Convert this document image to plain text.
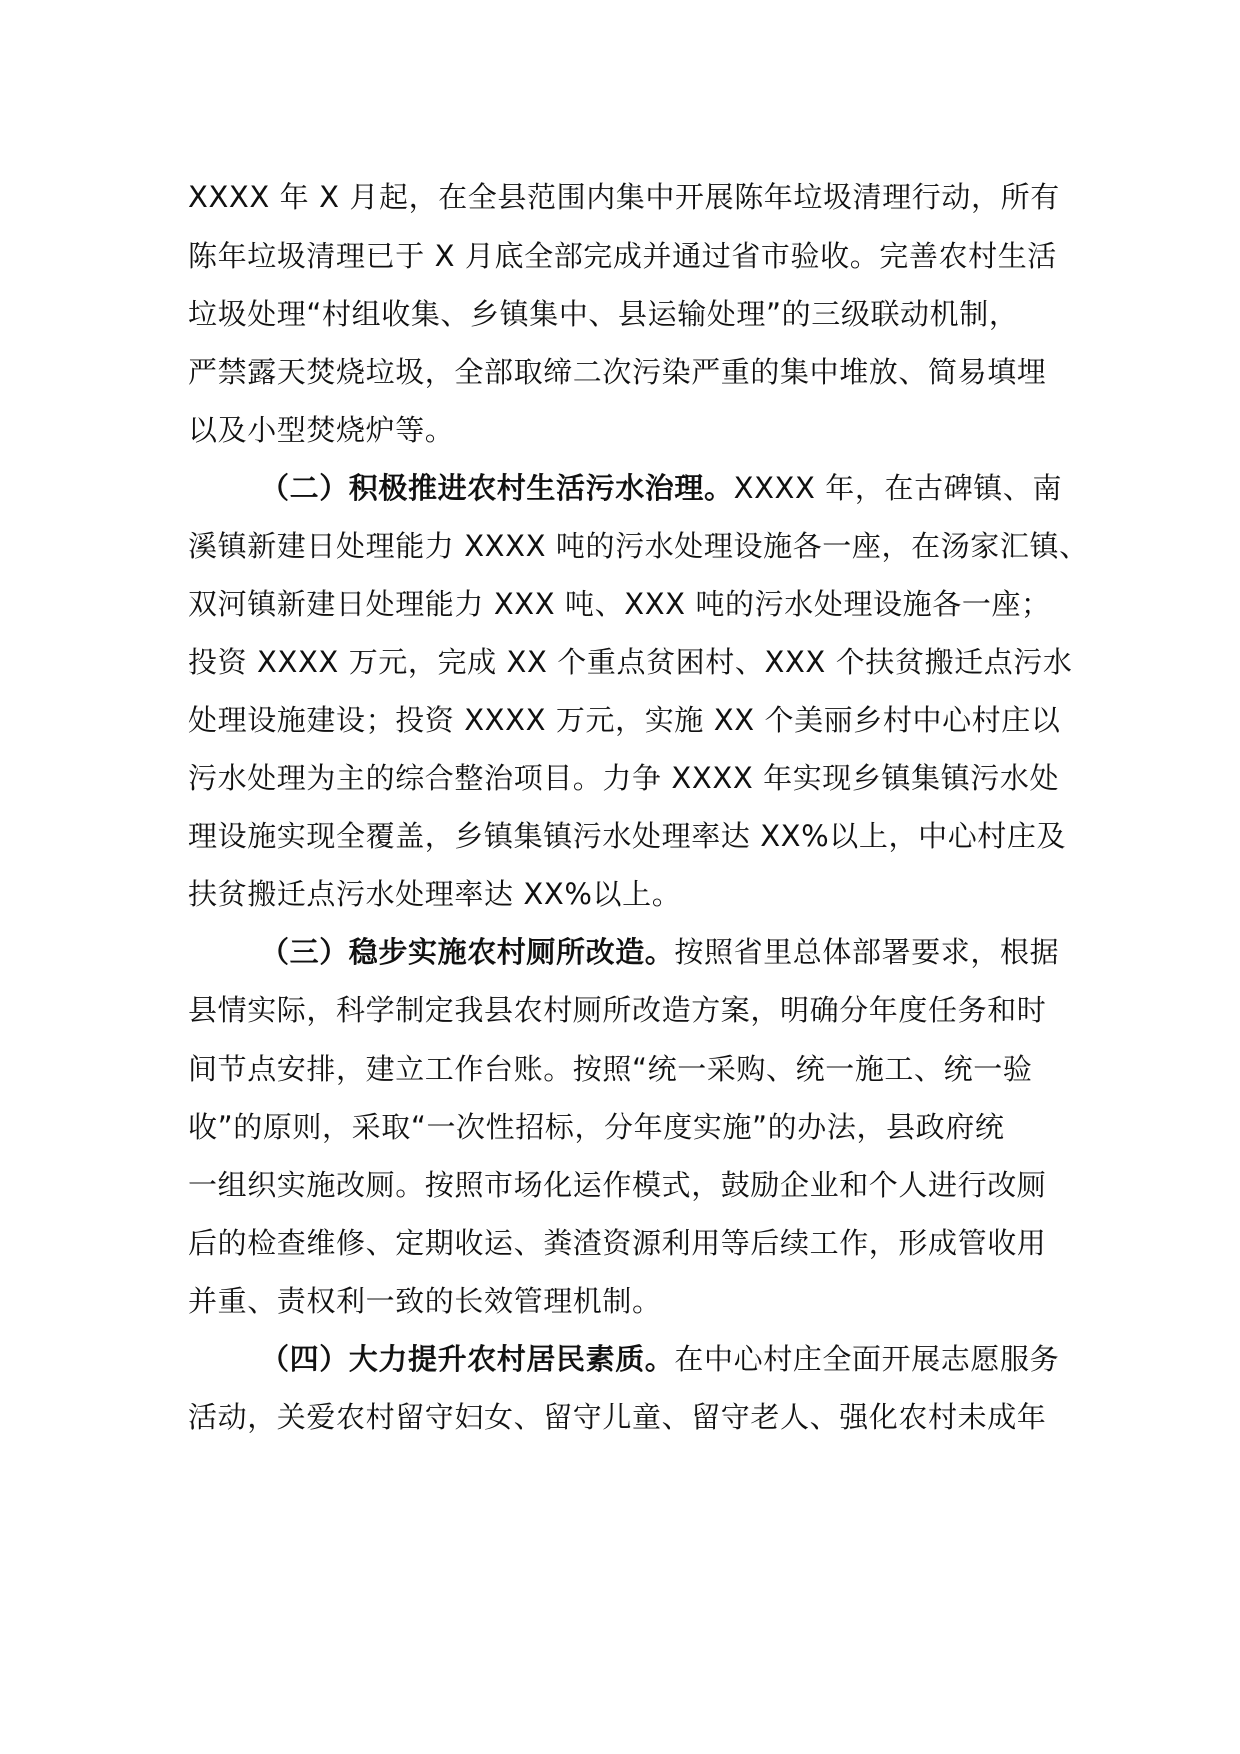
XXXX 年 X 月起，在全县范围内集中开展陈年垃圾清理行动，所有
陈年垃圾清理已于 X 月底全部完成并通过省市验收。完善农村生活
垃圾处理“村组收集、乡镇集中、县运输处理”的三级联动机制，
严禁露天焚烧垃圾，全部取缔二次污染严重的集中堆放、简易填埋
以及小型焚烧炉等。
（二）积极推进农村生活污水治理。XXXX 年，在古碑镇、南
溪镇新建日处理能力 XXXX 吨的污水处理设施各一座，在汤家汇镇、
双河镇新建日处理能力 XXX 吨、XXX 吨的污水处理设施各一座；
投资 XXXX 万元，完成 XX 个重点贫困村、XXX 个扶贫搬迁点污水
处理设施建设；投资 XXXX 万元，实施 XX 个美丽乡村中心村庄以
污水处理为主的综合整治项目。力争 XXXX 年实现乡镇集镇污水处
理设施实现全覆盖，乡镇集镇污水处理率达 XX%以上，中心村庄及
扶贫搬迁点污水处理率达 XX%以上。
（三）稳步实施农村厕所改造。按照省里总体部署要求，根据
县情实际，科学制定我县农村厕所改造方案，明确分年度任务和时
间节点安排，建立工作台账。按照“统一采购、统一施工、统一验
收”的原则，采取“一次性招标，分年度实施”的办法，县政府统
一组织实施改厕。按照市场化运作模式，鼓励企业和个人进行改厕
后的检查维修、定期收运、粪渣资源利用等后续工作，形成管收用
并重、责权利一致的长效管理机制。
（四）大力提升农村居民素质。在中心村庄全面开展志愿服务
活动，关爱农村留守妇女、留守儿童、留守老人、强化农村未成年
